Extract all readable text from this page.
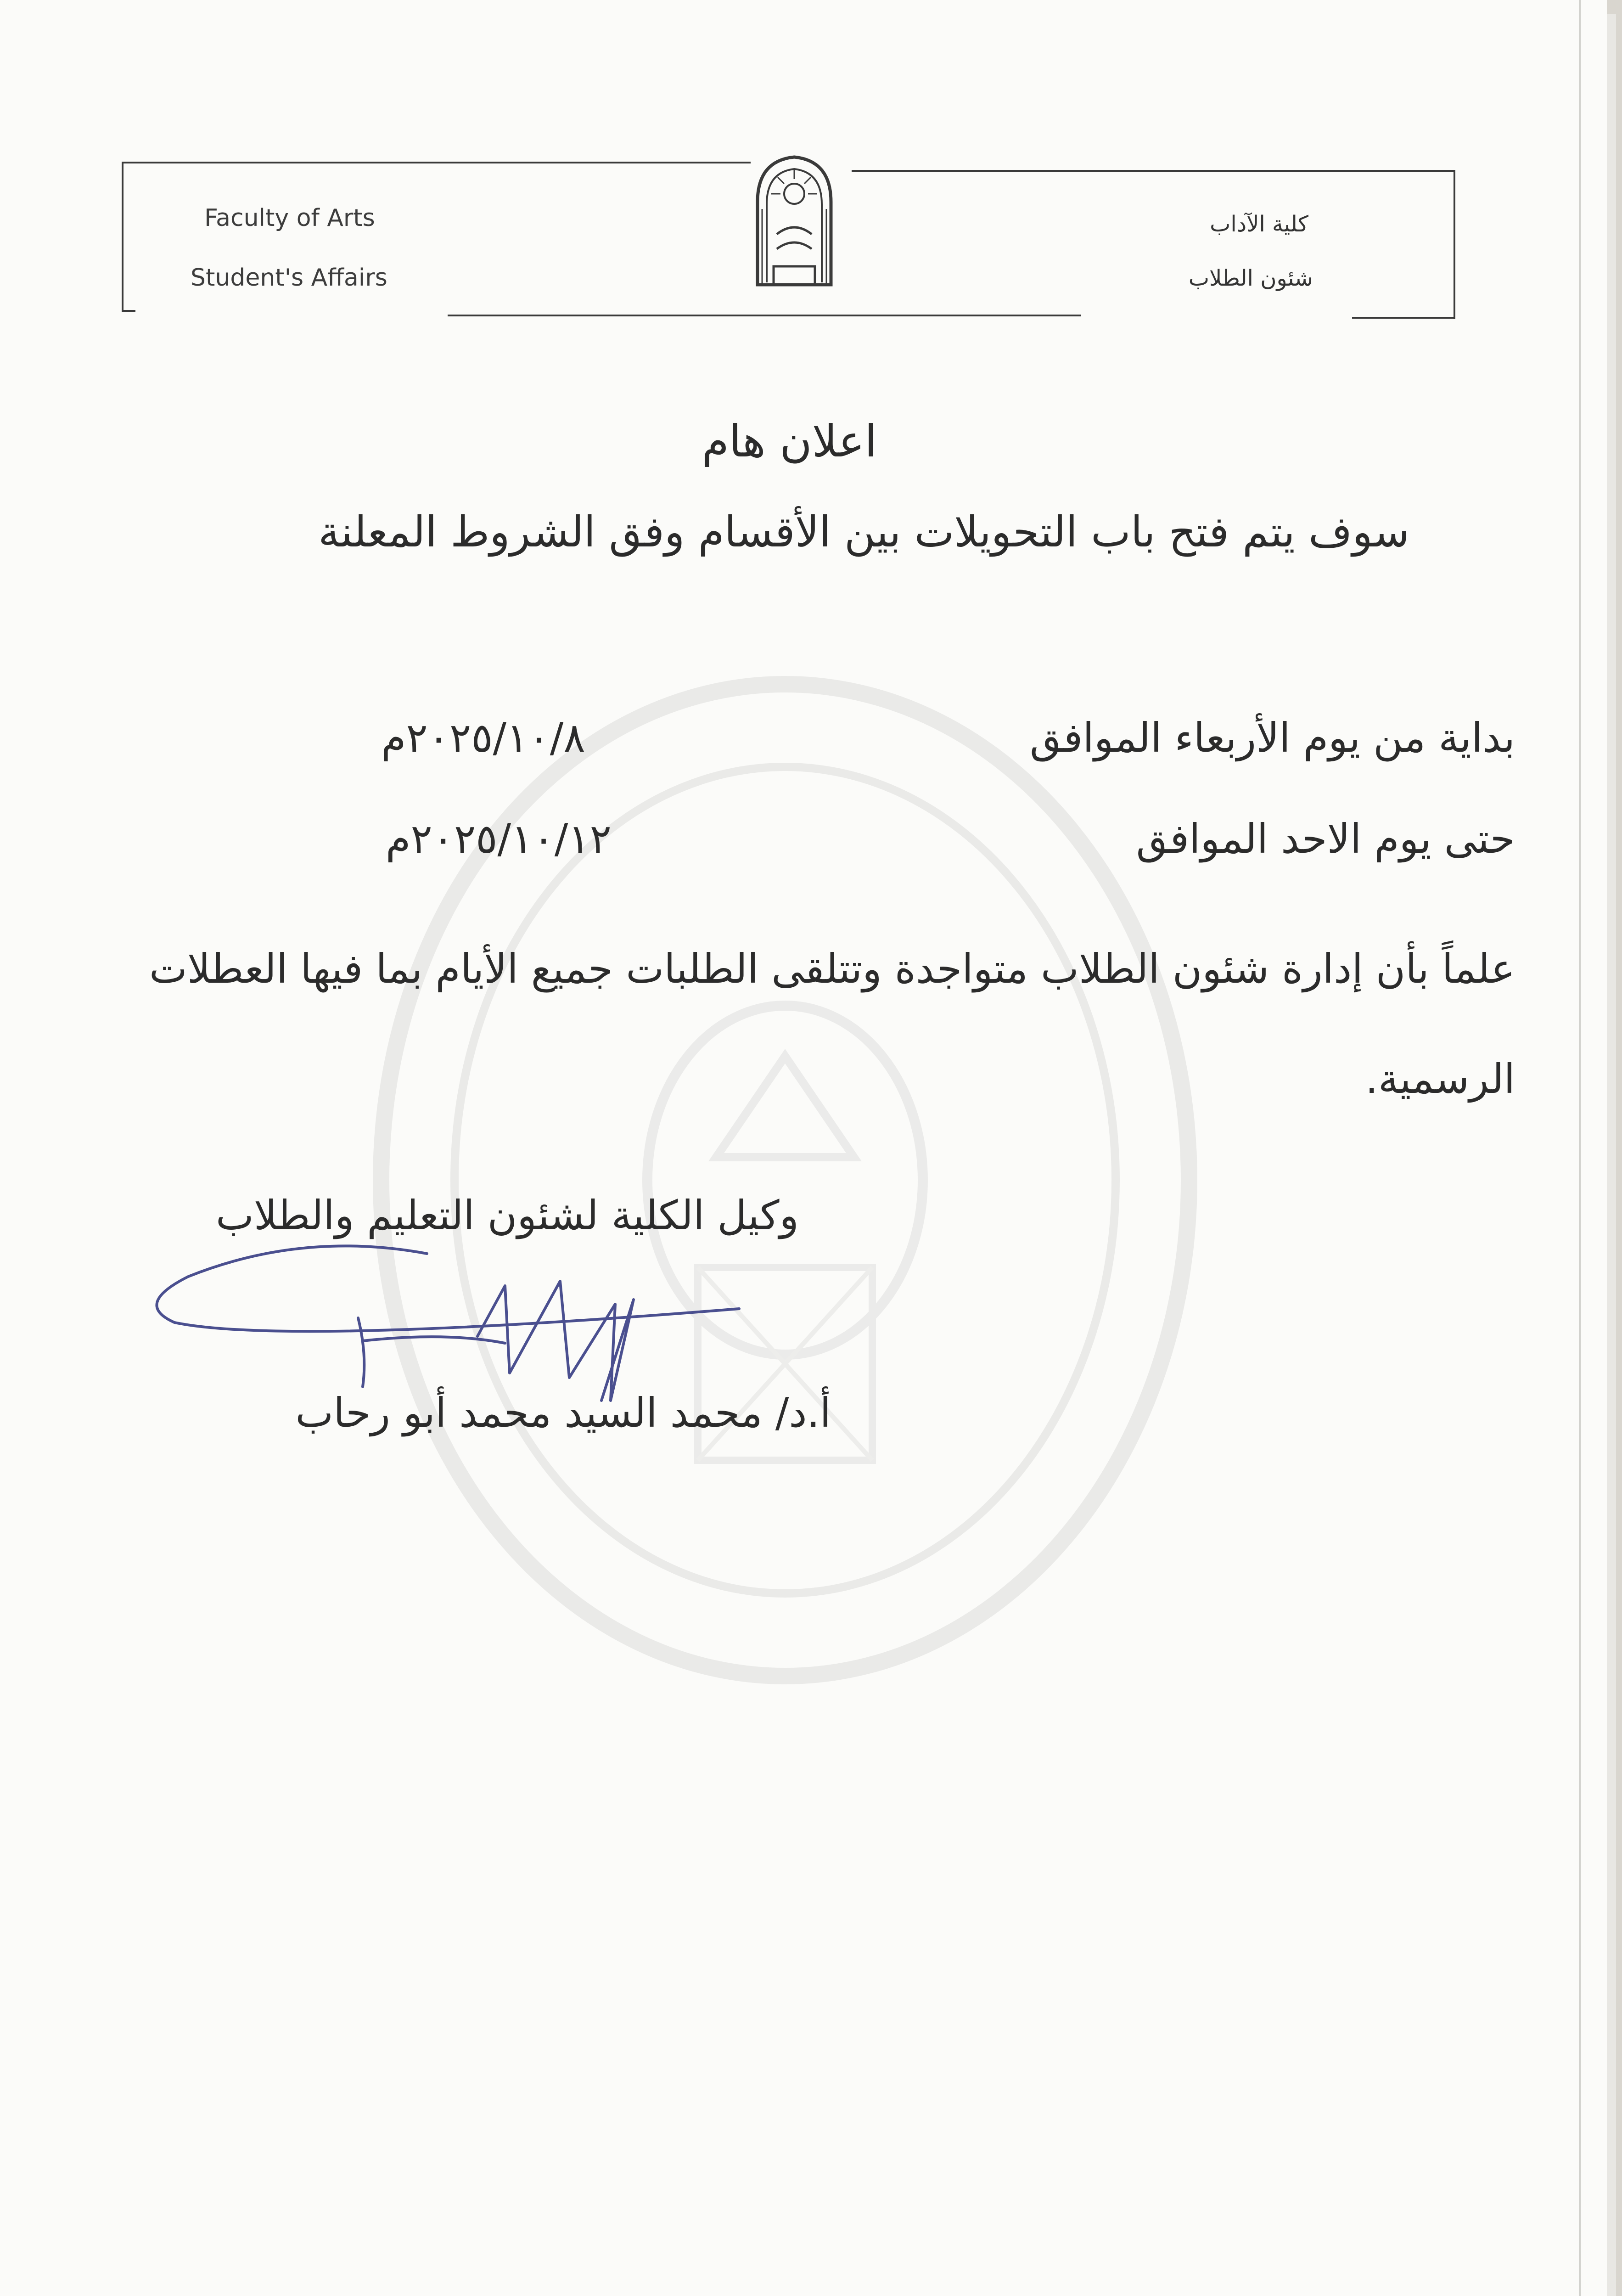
Faculty of Arts
Student's Affairs
كلية الآداب
شئون الطلاب
اعلان هام
سوف يتم فتح باب التحويلات بين الأقسام وفق الشروط المعلنة
بداية من يوم الأربعاء الموافق
٢٠٢٥/١٠/٨م
حتى يوم الاحد الموافق
٢٠٢٥/١٠/١٢م
علماً بأن إدارة شئون الطلاب متواجدة وتتلقى الطلبات جميع الأيام بما فيها العطلات الرسمية.
وكيل الكلية لشئون التعليم والطلاب
أ.د/ محمد السيد محمد أبو رحاب
